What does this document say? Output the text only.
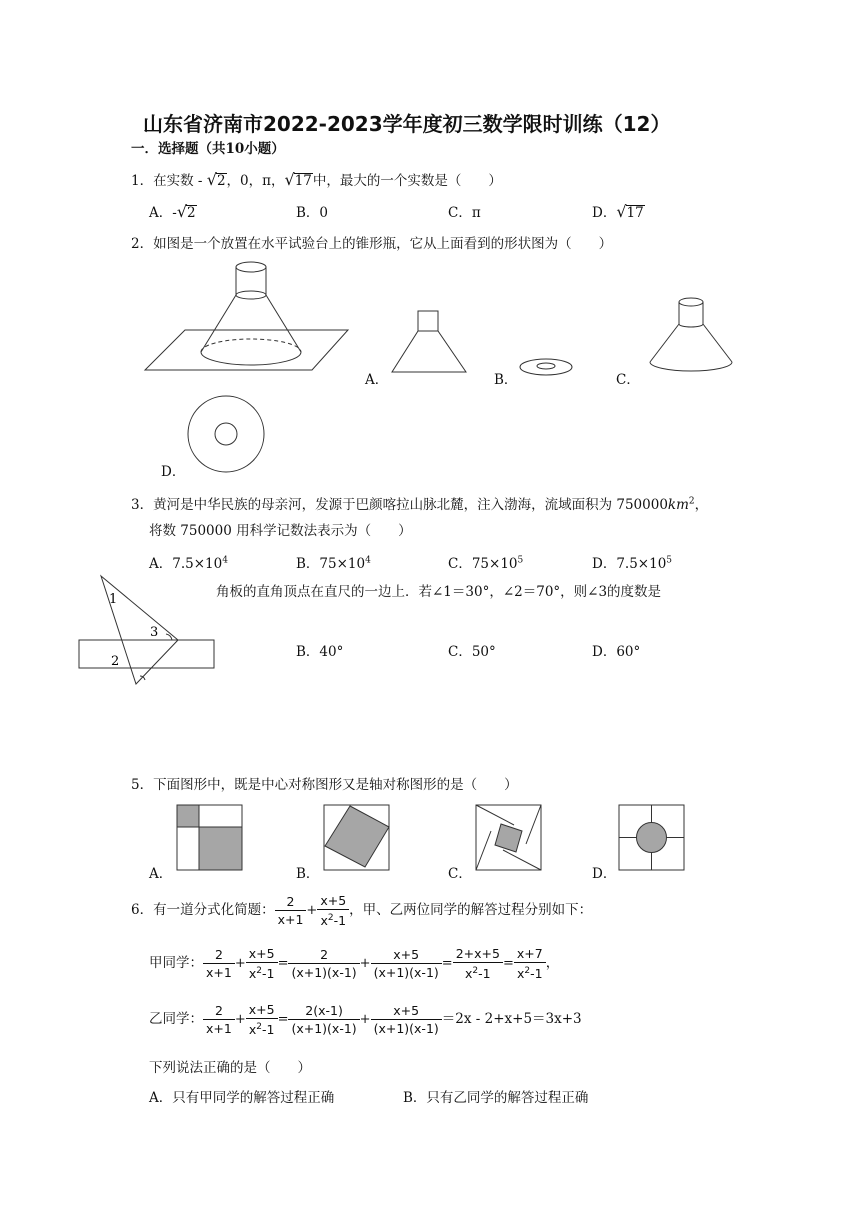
山东省济南市2022-2023学年度初三数学限时训练（12）
一．选择题（共10小题）
1．在实数 - √2，0，π，√17中，最大的一个实数是（　　）
A．-√2	B．0	C．π	D．√17
2．如图是一个放置在水平试验台上的锥形瓶，它从上面看到的形状图为（　　）
A．	B．	C．
D．
3．黄河是中华民族的母亲河，发源于巴颜喀拉山脉北麓，注入渤海，流域面积为 $750000km^2$，
将数 750000 用科学记数法表示为（　　）
A．$7.5\times 10^4$	B．$75\times 10^4$	C．$75\times 10^5$	D．$7.5\times 10^5$
1
3
2
角板的直角顶点在直尺的一边上．若∠1＝30°，∠2＝70°，则∠3的度数是
B．40°	C．50°	D．60°
5．下面图形中，既是中心对称图形又是轴对称图形的是（　　）
A．	B．	C．	D．
6．有一道分式化简题： $\frac{2}{x+1} + \frac{x+5}{x^2-1}$ ，甲、乙两位同学的解答过程分别如下：
甲同学： $\frac{2}{x+1} + \frac{x+5}{x^2-1} = \frac{2}{(x+1)(x-1)} + \frac{x+5}{(x+1)(x-1)} = \frac{2+x+5}{x^2-1} = \frac{x+7}{x^2-1}$ ，
乙同学： $\frac{2}{x+1} + \frac{x+5}{x^2-1} = \frac{2(x-1)}{(x+1)(x-1)} + \frac{x+5}{(x+1)(x-1)} =2x - 2+x+5=3x+3$
下列说法正确的是（　　）
A．只有甲同学的解答过程正确	B．只有乙同学的解答过程正确
